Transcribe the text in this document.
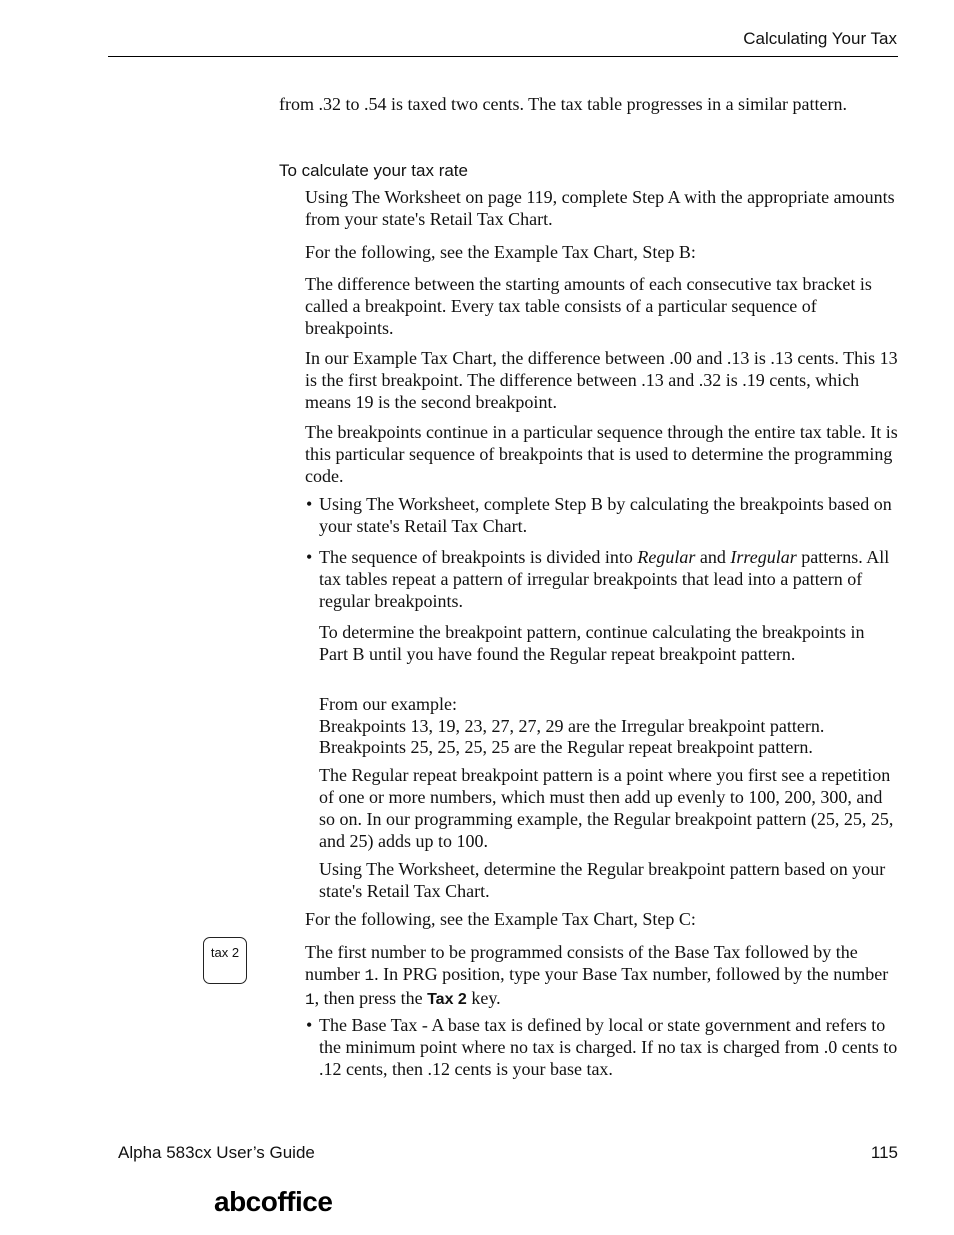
Calculating Your Tax

from .32 to .54 is taxed two cents. The tax table progresses in a similar pattern.

To calculate your tax rate

Using The Worksheet on page 119, complete Step A with the appropriate amounts from your state's Retail Tax Chart.

For the following, see the Example Tax Chart, Step B:

The difference between the starting amounts of each consecutive tax bracket is called a breakpoint. Every tax table consists of a particular sequence of breakpoints.

In our Example Tax Chart, the difference between .00 and .13 is .13 cents. This 13 is the first breakpoint. The difference between .13 and .32 is .19 cents, which means 19 is the second breakpoint.

The breakpoints continue in a particular sequence through the entire tax table. It is this particular sequence of breakpoints that is used to determine the programming code.

• Using The Worksheet, complete Step B by calculating the breakpoints based on your state's Retail Tax Chart.

• The sequence of breakpoints is divided into Regular and Irregular patterns. All tax tables repeat a pattern of irregular breakpoints that lead into a pattern of regular breakpoints.

To determine the breakpoint pattern, continue calculating the breakpoints in Part B until you have found the Regular repeat breakpoint pattern.

From our example:

Breakpoints 13, 19, 23, 27, 27, 29 are the Irregular breakpoint pattern.

Breakpoints 25, 25, 25, 25 are the Regular repeat breakpoint pattern.

The Regular repeat breakpoint pattern is a point where you first see a repetition of one or more numbers, which must then add up evenly to 100, 200, 300, and so on. In our programming example, the Regular breakpoint pattern (25, 25, 25, and 25) adds up to 100.

Using The Worksheet, determine the Regular breakpoint pattern based on your state's Retail Tax Chart.

For the following, see the Example Tax Chart, Step C:

tax 2	The first number to be programmed consists of the Base Tax followed by the number 1. In PRG position, type your Base Tax number, followed by the number 1, then press the Tax 2 key.

• The Base Tax - A base tax is defined by local or state government and refers to the minimum point where no tax is charged. If no tax is charged from .0 cents to .12 cents, then .12 cents is your base tax.

Alpha 583cx User’s Guide	115
abcoffice
